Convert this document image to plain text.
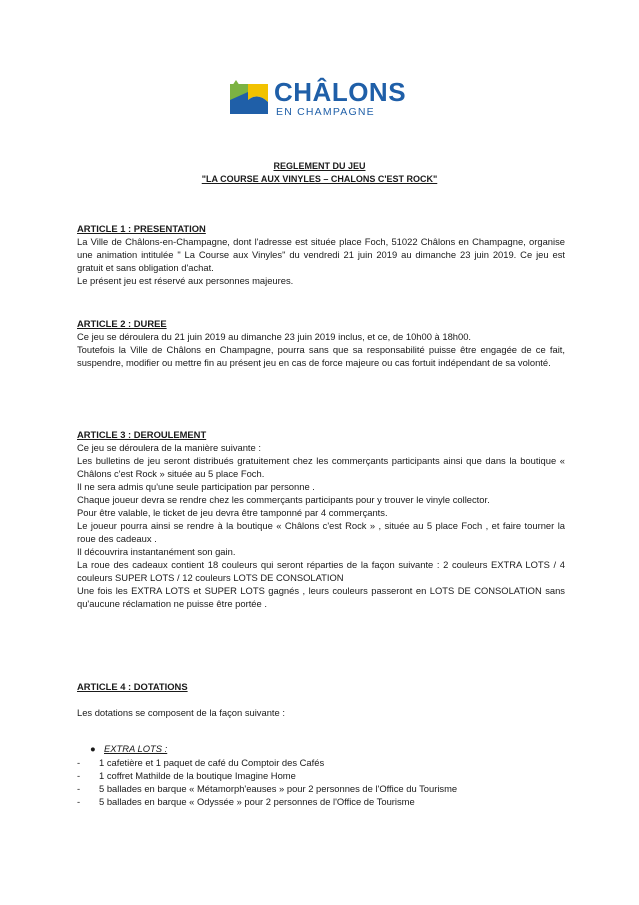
CHÂLONS
EN CHAMPAGNE
REGLEMENT DU JEU
"LA COURSE AUX VINYLES – CHALONS C'EST ROCK"

ARTICLE 1 : PRESENTATION

La Ville de Châlons-en-Champagne, dont l'adresse est située place Foch, 51022 Châlons en Champagne, organise une animation intitulée " La Course aux Vinyles" du vendredi 21 juin 2019 au dimanche 23 juin 2019. Ce jeu est gratuit et sans obligation d'achat.

Le présent jeu est réservé aux personnes majeures.

ARTICLE 2 : DUREE

Ce jeu se déroulera du 21 juin 2019 au dimanche 23 juin 2019 inclus, et ce, de 10h00 à 18h00.

Toutefois la Ville de Châlons en Champagne, pourra sans que sa responsabilité puisse être engagée de ce fait, suspendre, modifier ou mettre fin au présent jeu en cas de force majeure ou cas fortuit indépendant de sa volonté.

ARTICLE 3 : DEROULEMENT

Ce jeu se déroulera de la manière suivante :

Les bulletins de jeu seront distribués gratuitement chez les commerçants participants ainsi que dans la boutique « Châlons c'est Rock » située au 5 place Foch.

Il ne sera admis qu'une seule participation par personne .

Chaque joueur devra se rendre chez les commerçants participants pour y trouver le vinyle collector.

Pour être valable, le ticket de jeu devra être tamponné par 4 commerçants.

Le joueur pourra ainsi se rendre à la boutique « Châlons c'est Rock » , située au 5 place Foch , et faire tourner la roue des cadeaux .

Il découvrira instantanément son gain.

La roue des cadeaux contient 18 couleurs qui seront réparties de la façon suivante : 2 couleurs EXTRA LOTS / 4 couleurs SUPER LOTS / 12 couleurs LOTS DE CONSOLATION

Une fois les EXTRA LOTS et SUPER LOTS gagnés , leurs couleurs passeront en LOTS DE CONSOLATION sans qu'aucune réclamation ne puisse être portée .

ARTICLE 4 : DOTATIONS

Les dotations se composent de la façon suivante :

● EXTRA LOTS :
- 1 cafetière et 1 paquet de café du Comptoir des Cafés
- 1 coffret Mathilde de la boutique Imagine Home
- 5 ballades en barque « Métamorph'eauses » pour 2 personnes de l'Office du Tourisme
- 5 ballades en barque « Odyssée » pour 2 personnes de l'Office de Tourisme
